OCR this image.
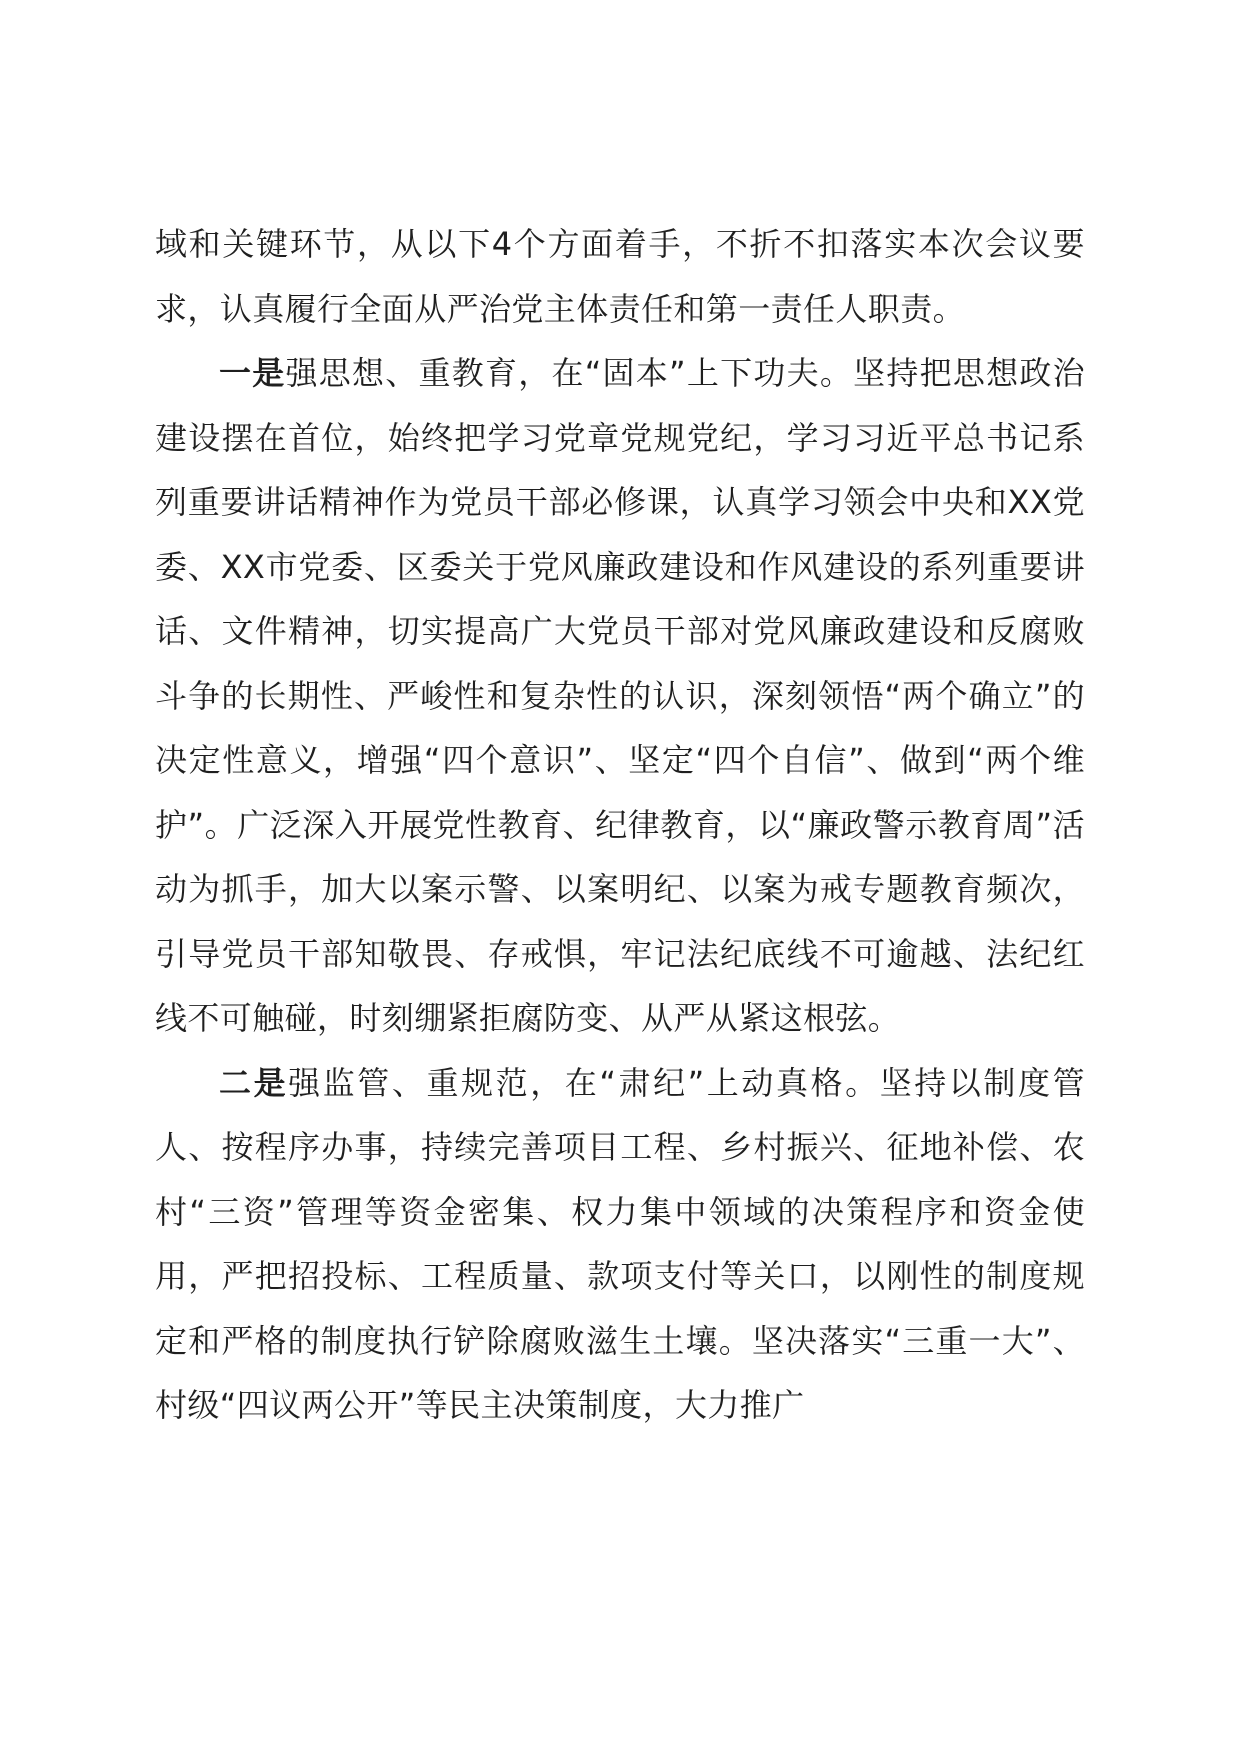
域和关键环节，从以下4个方面着手，不折不扣落实本次会议要求，认真履行全面从严治党主体责任和第一责任人职责。

一是强思想、重教育，在“固本”上下功夫。坚持把思想政治建设摆在首位，始终把学习党章党规党纪，学习习近平总书记系列重要讲话精神作为党员干部必修课，认真学习领会中央和XX党委、XX市党委、区委关于党风廉政建设和作风建设的系列重要讲话、文件精神，切实提高广大党员干部对党风廉政建设和反腐败斗争的长期性、严峻性和复杂性的认识，深刻领悟“两个确立”的决定性意义，增强“四个意识”、坚定“四个自信”、做到“两个维护”。广泛深入开展党性教育、纪律教育，以“廉政警示教育周”活动为抓手，加大以案示警、以案明纪、以案为戒专题教育频次，引导党员干部知敬畏、存戒惧，牢记法纪底线不可逾越、法纪红线不可触碰，时刻绷紧拒腐防变、从严从紧这根弦。

二是强监管、重规范，在“肃纪”上动真格。坚持以制度管人、按程序办事，持续完善项目工程、乡村振兴、征地补偿、农村“三资”管理等资金密集、权力集中领域的决策程序和资金使用，严把招投标、工程质量、款项支付等关口，以刚性的制度规定和严格的制度执行铲除腐败滋生土壤。坚决落实“三重一大”、村级“四议两公开”等民主决策制度，大力推广
